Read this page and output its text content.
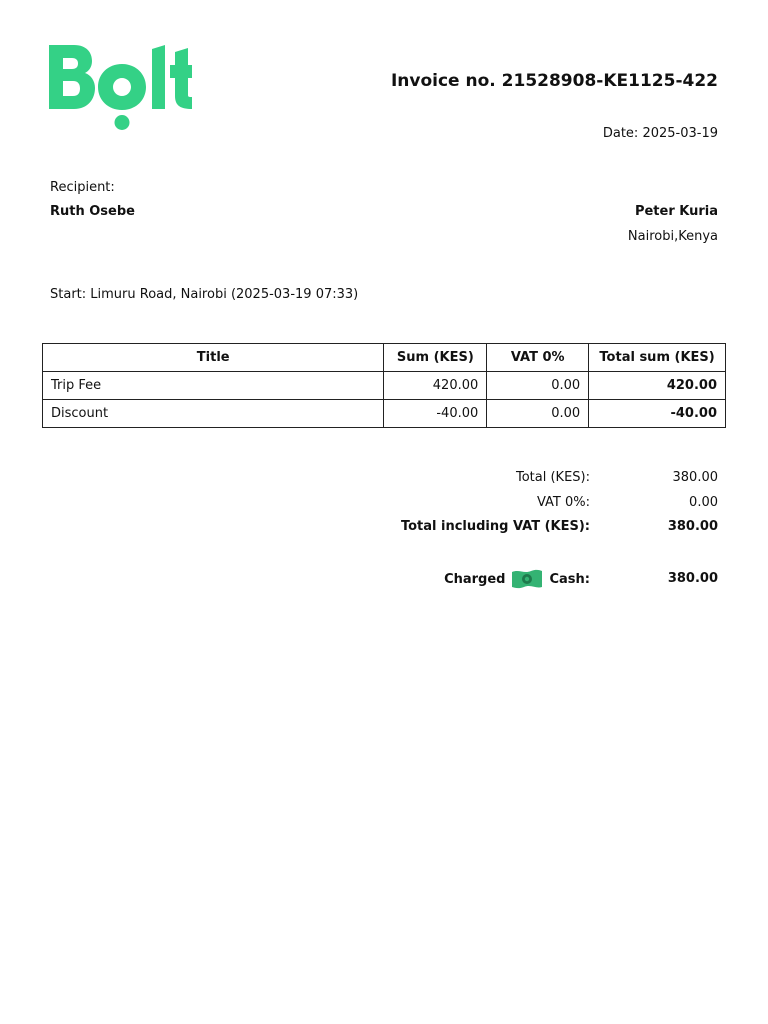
Invoice no. 21528908-KE1125-422
Date: 2025-03-19
Recipient:
Ruth Osebe	Peter Kuria
Nairobi,Kenya
Start: Limuru Road, Nairobi (2025-03-19 07:33)
Title	Sum (KES)	VAT 0%	Total sum (KES)
Trip Fee	420.00	0.00	420.00
Discount	-40.00	0.00	-40.00
Total (KES):	380.00
VAT 0%:	0.00
Total including VAT (KES):	380.00
Charged	Cash:	380.00
